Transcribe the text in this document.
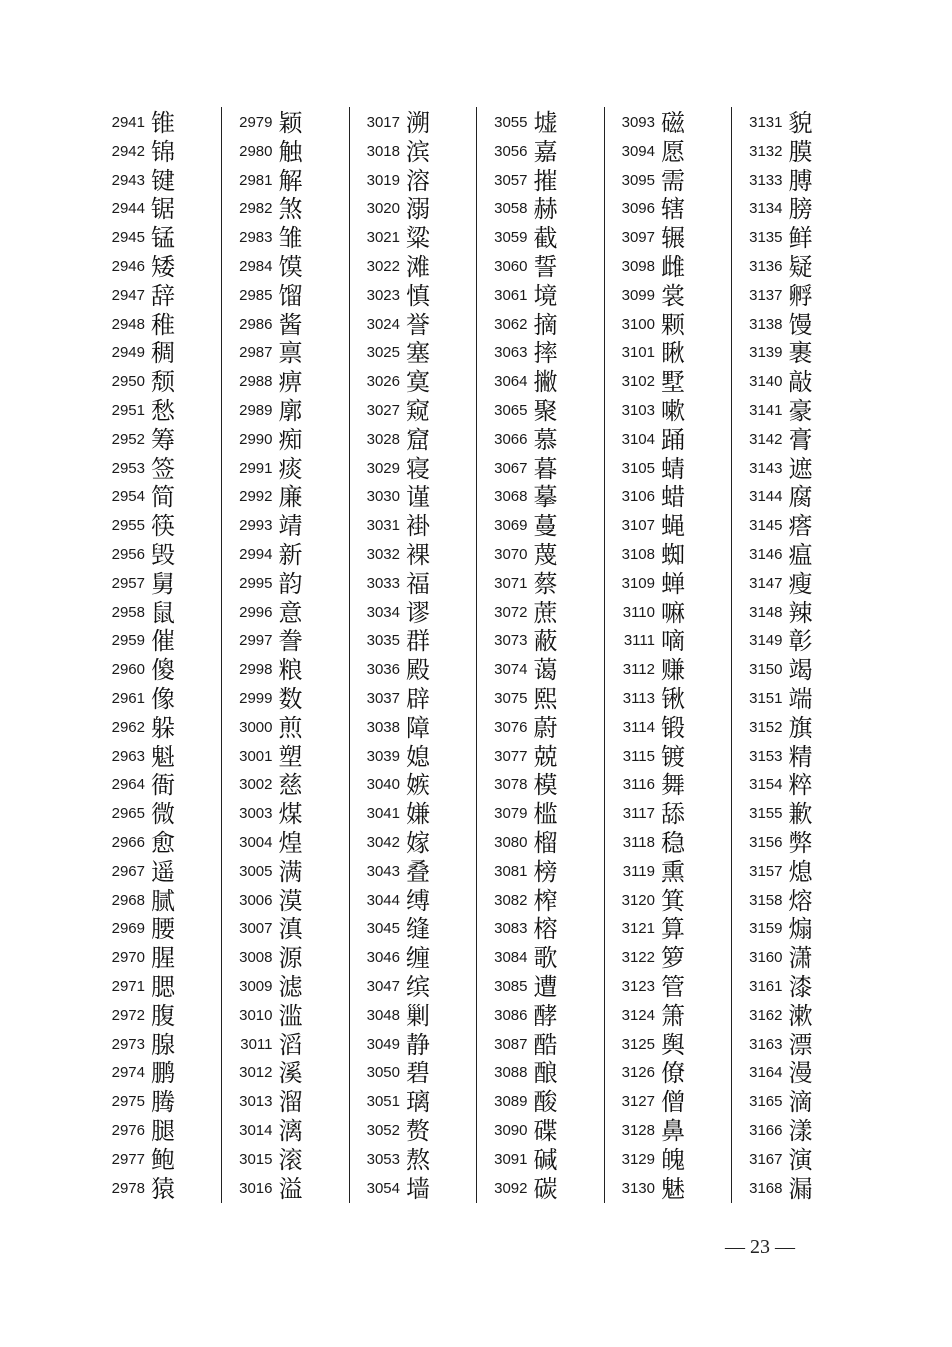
2941 锥
2942 锦
2943 键
2944 锯
2945 锰
2946 矮
2947 辞
2948 稚
2949 稠
2950 颓
2951 愁
2952 筹
2953 签
2954 简
2955 筷
2956 毁
2957 舅
2958 鼠
2959 催
2960 傻
2961 像
2962 躲
2963 魁
2964 衙
2965 微
2966 愈
2967 遥
2968 腻
2969 腰
2970 腥
2971 腮
2972 腹
2973 腺
2974 鹏
2975 腾
2976 腿
2977 鲍
2978 猿
2979 颖
2980 触
2981 解
2982 煞
2983 雏
2984 馍
2985 馏
2986 酱
2987 禀
2988 痹
2989 廓
2990 痴
2991 痰
2992 廉
2993 靖
2994 新
2995 韵
2996 意
2997 誊
2998 粮
2999 数
3000 煎
3001 塑
3002 慈
3003 煤
3004 煌
3005 满
3006 漠
3007 滇
3008 源
3009 滤
3010 滥
3011 滔
3012 溪
3013 溜
3014 漓
3015 滚
3016 溢
3017 溯
3018 滨
3019 溶
3020 溺
3021 粱
3022 滩
3023 慎
3024 誉
3025 塞
3026 寞
3027 窥
3028 窟
3029 寝
3030 谨
3031 褂
3032 裸
3033 福
3034 谬
3035 群
3036 殿
3037 辟
3038 障
3039 媳
3040 嫉
3041 嫌
3042 嫁
3043 叠
3044 缚
3045 缝
3046 缠
3047 缤
3048 剿
3049 静
3050 碧
3051 璃
3052 赘
3053 熬
3054 墙
3055 墟
3056 嘉
3057 摧
3058 赫
3059 截
3060 誓
3061 境
3062 摘
3063 摔
3064 撇
3065 聚
3066 慕
3067 暮
3068 摹
3069 蔓
3070 蔑
3071 蔡
3072 蔗
3073 蔽
3074 蔼
3075 熙
3076 蔚
3077 兢
3078 模
3079 槛
3080 榴
3081 榜
3082 榨
3083 榕
3084 歌
3085 遭
3086 酵
3087 酷
3088 酿
3089 酸
3090 碟
3091 碱
3092 碳
3093 磁
3094 愿
3095 需
3096 辖
3097 辗
3098 雌
3099 裳
3100 颗
3101 瞅
3102 墅
3103 嗽
3104 踊
3105 蜻
3106 蜡
3107 蝇
3108 蜘
3109 蝉
3110 嘛
3111 嘀
3112 赚
3113 锹
3114 锻
3115 镀
3116 舞
3117 舔
3118 稳
3119 熏
3120 箕
3121 算
3122 箩
3123 管
3124 箫
3125 舆
3126 僚
3127 僧
3128 鼻
3129 魄
3130 魅
3131 貌
3132 膜
3133 膊
3134 膀
3135 鲜
3136 疑
3137 孵
3138 馒
3139 裹
3140 敲
3141 豪
3142 膏
3143 遮
3144 腐
3145 瘩
3146 瘟
3147 瘦
3148 辣
3149 彰
3150 竭
3151 端
3152 旗
3153 精
3154 粹
3155 歉
3156 弊
3157 熄
3158 熔
3159 煽
3160 潇
3161 漆
3162 漱
3163 漂
3164 漫
3165 滴
3166 漾
3167 演
3168 漏
— 23 —
